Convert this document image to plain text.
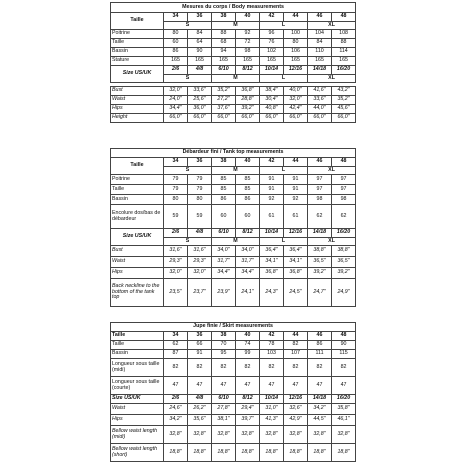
Mesures du corps / Body measurements								
Taille	34	36	38	40	42	44	46	48
	S		M		L		XL	
Poitrine	80	84	88	92	96	100	104	108
Taille	60	64	68	72	76	80	84	88
Bassin	86	90	94	98	102	106	110	114
Stature	165	165	165	165	165	165	165	165
Size US/UK	2/6	4/8	6/10	8/12	10/14	12/16	14/18	16/20
	S		M		L		XL	

Bust	32,0"	33,6"	35,2"	36,8"	38,4"	40,0"	41,6"	43,2"
Waist	24,0"	25,6"	27,2"	28,8"	30,4"	32,0"	33,6"	35,2"
Hips	34,4"	36,0"	37,6"	39,2"	40,8"	42,4"	44,0"	45,6"
Height	66,0"	66,0"	66,0"	66,0"	66,0"	66,0"	66,0"	66,0"
Débardeur fini / Tank top measurements								
Taille	34	36	38	40	42	44	46	48
	S		M		L		XL	
Poitrine	79	79	85	85	91	91	97	97
Taille	79	79	85	85	91	91	97	97
Bassin	80	80	86	86	92	92	98	98
Encolure dos/bas de débardeur	59	59	60	60	61	61	62	62
Size US/UK	2/6	4/8	6/10	8/12	10/14	12/16	14/18	16/20
	S		M		L		XL	
Bust	31,6"	31,6"	34,0"	34,0"	36,4"	36,4"	38,8"	38,8"
Waist	29,3"	29,3"	31,7"	31,7"	34,1"	34,1"	36,5"	36,5"
Hips	32,0"	32,0"	34,4"	34,4"	36,8"	36,8"	39,2"	39,2"
Back neckline to the bottom of the tank top	23,5"	23,7"	23,9"	24,1"	24,3"	24,5"	24,7"	24,9"
Jupe finie / Skirt measurements								
Taille	34	36	38	40	42	44	46	48
Taille	62	66	70	74	78	82	86	90
Bassin	87	91	95	99	103	107	111	115
Longueur sous taille (midi)	82	82	82	82	82	82	82	82
Longueur sous taille (courte)	47	47	47	47	47	47	47	47
Size US/UK	2/6	4/8	6/10	8/12	10/14	12/16	14/18	16/20
Waist	24,6"	26,2"	27,8"	29,4"	31,0"	32,6"	34,2"	35,8"
Hips	34,2"	35,6"	38,1"	39,7"	41,3"	42,9"	44,5"	46,1"
Bellow waist length (midi)	32,8"	32,8"	32,8"	32,8"	32,8"	32,8"	32,8"	32,8"
Bellow waist length (short)	18,8"	18,8"	18,8"	18,8"	18,8"	18,8"	18,8"	18,8"
